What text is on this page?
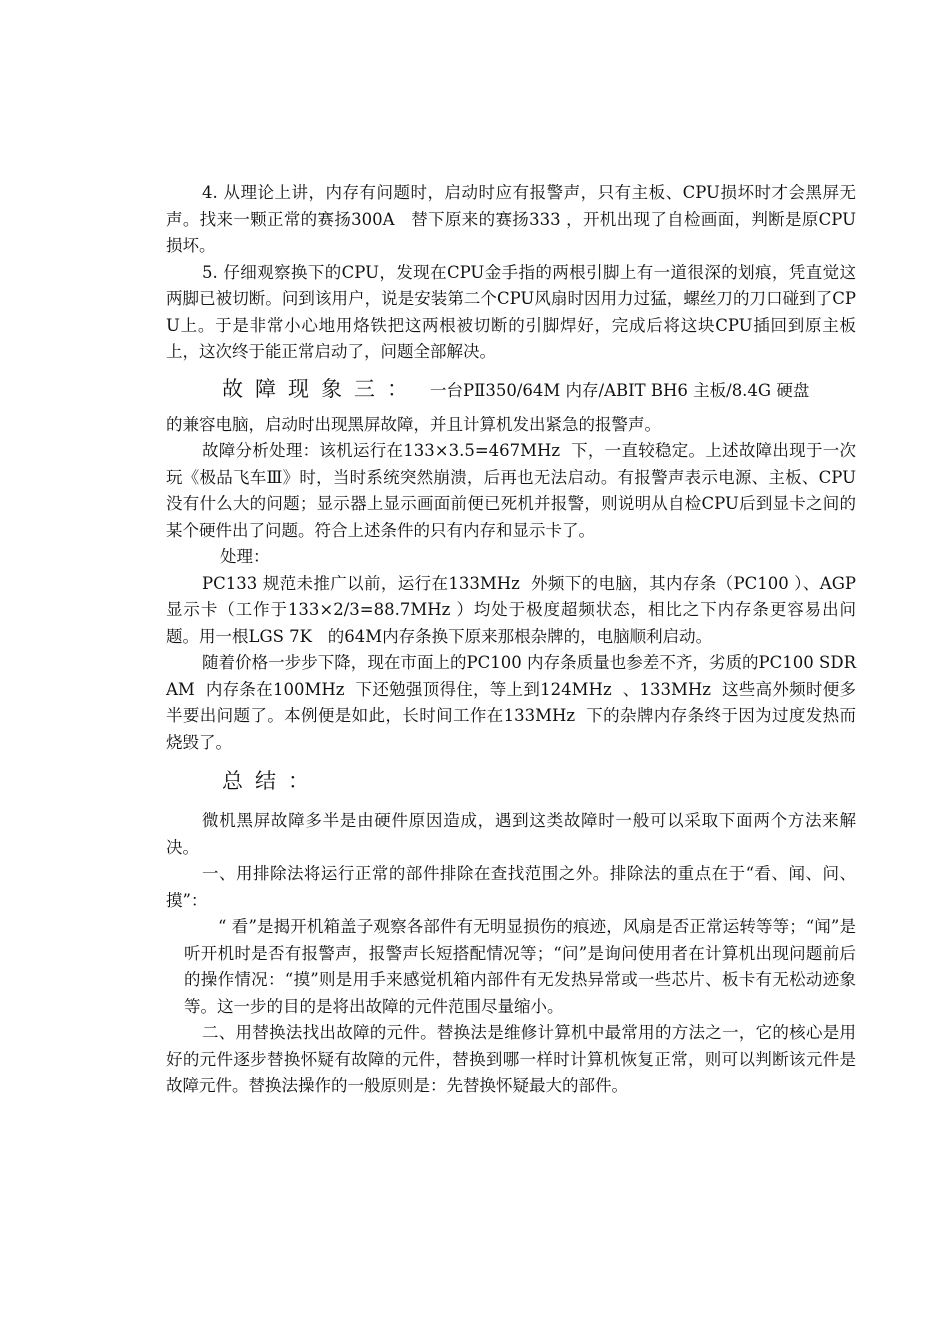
4. 从理论上讲，内存有问题时，启动时应有报警声，只有主板、CPU损坏时才会黑屏无声。找来一颗正常的赛扬300A   替下原来的赛扬333 ，开机出现了自检画面，判断是原CPU损坏。

5. 仔细观察换下的CPU，发现在CPU金手指的两根引脚上有一道很深的划痕，凭直觉这两脚已被切断。问到该用户，说是安装第二个CPU风扇时因用力过猛，螺丝刀的刀口碰到了CPU上。于是非常小心地用烙铁把这两根被切断的引脚焊好，完成后将这块CPU插回到原主板上，这次终于能正常启动了，问题全部解决。

故障现象三： 一台PⅡ350/64M 内存/ABIT BH6 主板/8.4G 硬盘

的兼容电脑，启动时出现黑屏故障，并且计算机发出紧急的报警声。

故障分析处理：该机运行在133×3.5=467MHz  下，一直较稳定。上述故障出现于一次玩《极品飞车Ⅲ》时，当时系统突然崩溃，后再也无法启动。有报警声表示电源、主板、CPU没有什么大的问题；显示器上显示画面前便已死机并报警，则说明从自检CPU后到显卡之间的某个硬件出了问题。符合上述条件的只有内存和显示卡了。

处理：

PC133 规范未推广以前，运行在133MHz  外频下的电脑，其内存条（PC100 ）、AGP显示卡（工作于133×2/3=88.7MHz ）均处于极度超频状态，相比之下内存条更容易出问题。用一根LGS 7K   的64M内存条换下原来那根杂牌的，电脑顺利启动。

随着价格一步步下降，现在市面上的PC100 内存条质量也参差不齐，劣质的PC100 SDRAM  内存条在100MHz  下还勉强顶得住，等上到124MHz  、133MHz  这些高外频时便多半要出问题了。本例便是如此，长时间工作在133MHz  下的杂牌内存条终于因为过度发热而烧毁了。

总结：

微机黑屏故障多半是由硬件原因造成，遇到这类故障时一般可以采取下面两个方法来解决。

一、用排除法将运行正常的部件排除在查找范围之外。排除法的重点在于“看、闻、问、摸”：

“ 看”是揭开机箱盖子观察各部件有无明显损伤的痕迹，风扇是否正常运转等等；“闻”是听开机时是否有报警声，报警声长短搭配情况等；“问”是询问使用者在计算机出现问题前后的操作情况：“摸”则是用手来感觉机箱内部件有无发热异常或一些芯片、板卡有无松动迹象等。这一步的目的是将出故障的元件范围尽量缩小。

二、用替换法找出故障的元件。替换法是维修计算机中最常用的方法之一，它的核心是用好的元件逐步替换怀疑有故障的元件，替换到哪一样时计算机恢复正常，则可以判断该元件是故障元件。替换法操作的一般原则是：先替换怀疑最大的部件。
